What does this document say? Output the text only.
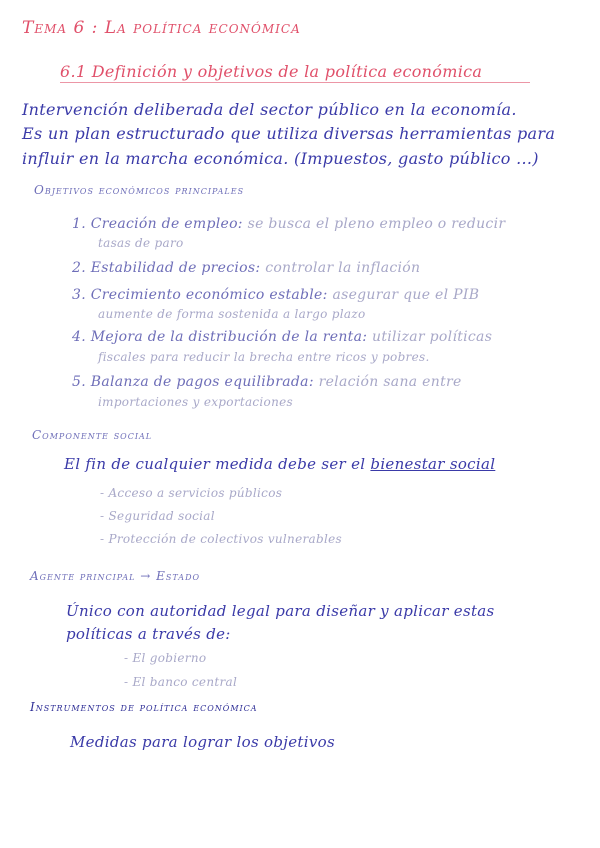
Tema 6 : La política económica
6.1 Definición y objetivos de la política económica
Intervención deliberada del sector público en la economía.
Es un plan estructurado que utiliza diversas herramientas para
influir en la marcha económica. (Impuestos, gasto público ...)
Objetivos económicos principales
1. Creación de empleo: se busca el pleno empleo o reducir
tasas de paro
2. Estabilidad de precios: controlar la inflación
3. Crecimiento económico estable: asegurar que el PIB
aumente de forma sostenida a largo plazo
4. Mejora de la distribución de la renta: utilizar políticas
fiscales para reducir la brecha entre ricos y pobres.
5. Balanza de pagos equilibrada: relación sana entre
importaciones y exportaciones
Componente social
El fin de cualquier medida debe ser el bienestar social
- Acceso a servicios públicos
- Seguridad social
- Protección de colectivos vulnerables
Agente principal → Estado
Único con autoridad legal para diseñar y aplicar estas
políticas a través de:
- El gobierno
- El banco central
Instrumentos de política económica
Medidas para lograr los objetivos
